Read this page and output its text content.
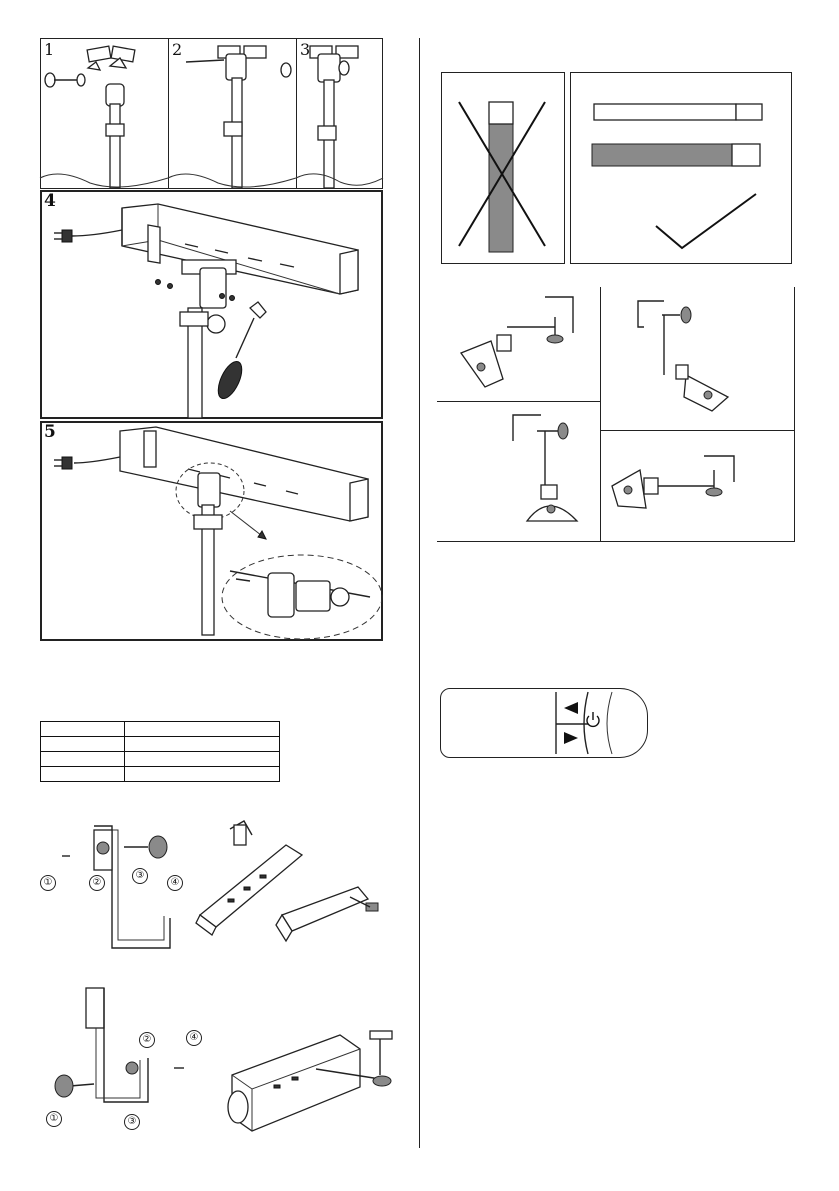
1	2	3
4
5

①	②
③
④
①
②
③
④
